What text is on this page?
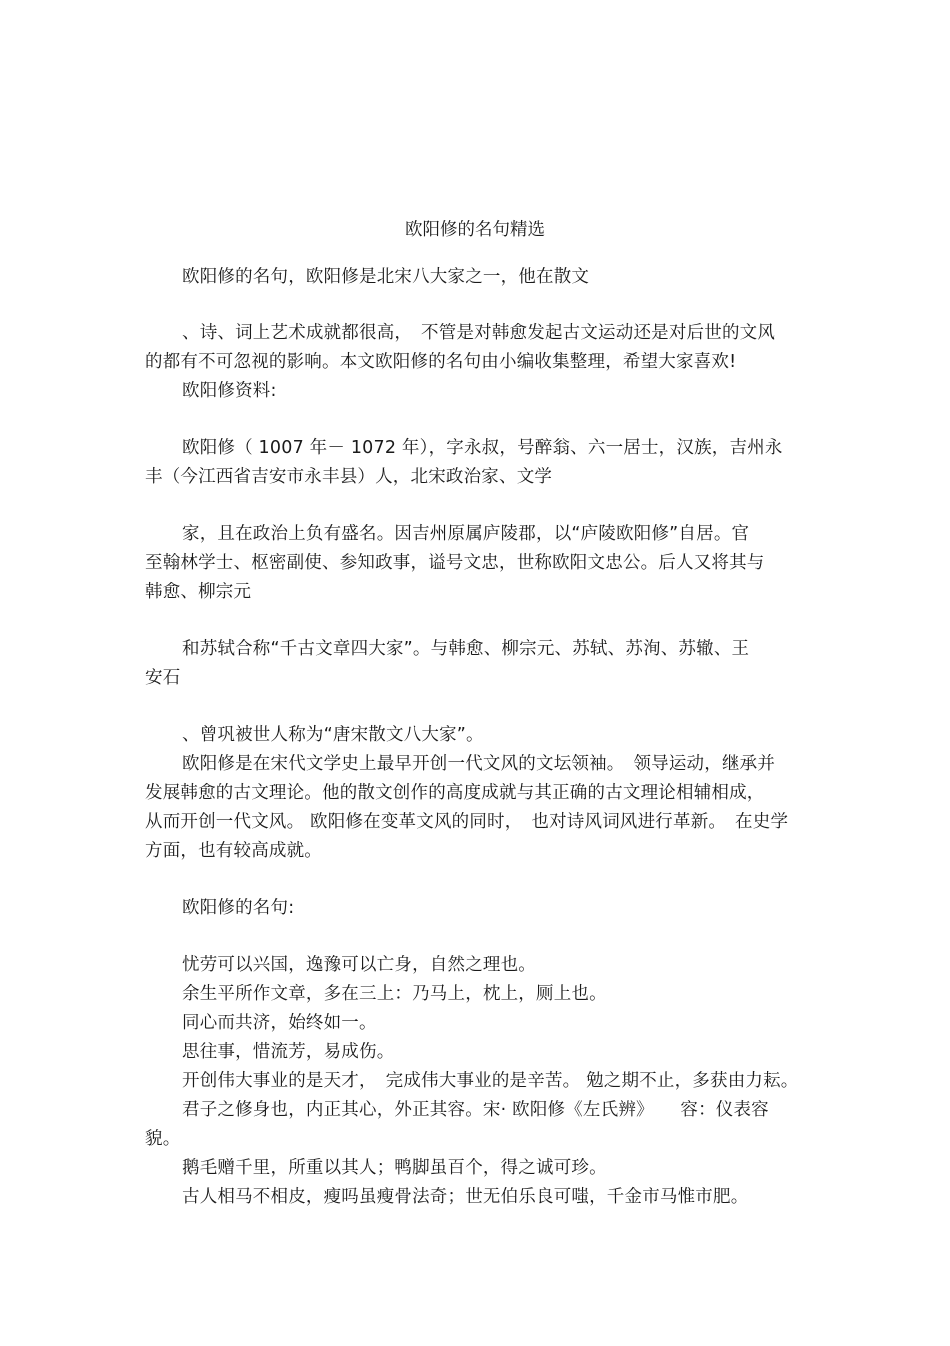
欧阳修的名句精选
欧阳修的名句，欧阳修是北宋八大家之一，他在散文
、诗、词上艺术成就都很高，　不管是对韩愈发起古文运动还是对后世的文风
的都有不可忽视的影响。本文欧阳修的名句由小编收集整理，希望大家喜欢!
欧阳修资料:
欧阳修（ 1007 年－ 1072 年），字永叔，号醉翁、六一居士，汉族，吉州永
丰（今江西省吉安市永丰县）人，北宋政治家、文学
家，且在政治上负有盛名。因吉州原属庐陵郡，以“庐陵欧阳修”自居。官
至翰林学士、枢密副使、参知政事，谥号文忠，世称欧阳文忠公。后人又将其与
韩愈、柳宗元
和苏轼合称“千古文章四大家”。与韩愈、柳宗元、苏轼、苏洵、苏辙、王
安石
、曾巩被世人称为“唐宋散文八大家”。
欧阳修是在宋代文学史上最早开创一代文风的文坛领袖。　领导运动，继承并
发展韩愈的古文理论。他的散文创作的高度成就与其正确的古文理论相辅相成，
从而开创一代文风。 欧阳修在变革文风的同时，　也对诗风词风进行革新。　在史学
方面，也有较高成就。
欧阳修的名句:
忧劳可以兴国，逸豫可以亡身，自然之理也。
余生平所作文章，多在三上：乃马上，枕上，厕上也。
同心而共济，始终如一。
思往事，惜流芳，易成伤。
开创伟大事业的是天才，　完成伟大事业的是辛苦。 勉之期不止，多获由力耘。
君子之修身也，内正其心，外正其容。宋· 欧阳修《左氏辨》　　容：仪表容
貌。
鹅毛赠千里，所重以其人；鸭脚虽百个，得之诚可珍。
古人相马不相皮，瘦吗虽瘦骨法奇；世无伯乐良可嗤，千金市马惟市肥。
